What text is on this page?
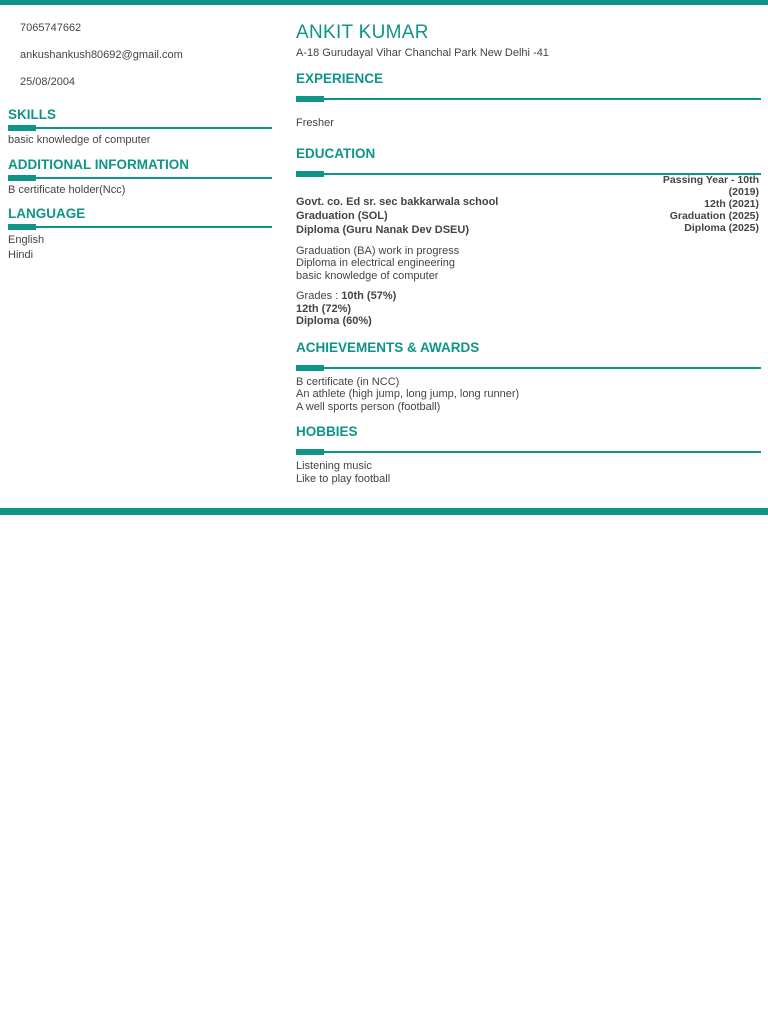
7065747662
ankushankush80692@gmail.com
25/08/2004
SKILLS
basic knowledge of computer
ADDITIONAL INFORMATION
B certificate holder(Ncc)
LANGUAGE
English
Hindi
ANKIT KUMAR
A-18 Gurudayal Vihar Chanchal Park New Delhi -41
EXPERIENCE
Fresher
EDUCATION
Govt. co. Ed sr. sec bakkarwala school
Graduation (SOL)
Diploma (Guru Nanak Dev DSEU)
Passing Year - 10th
(2019)
12th (2021)
Graduation (2025)
Diploma (2025)
Graduation (BA) work in progress
Diploma in electrical engineering
basic knowledge of computer
Grades : 10th (57%)
12th (72%)
Diploma (60%)
ACHIEVEMENTS & AWARDS
B certificate (in NCC)
An athlete (high jump, long jump, long runner)
A well sports person (football)
HOBBIES
Listening music
Like to play football
